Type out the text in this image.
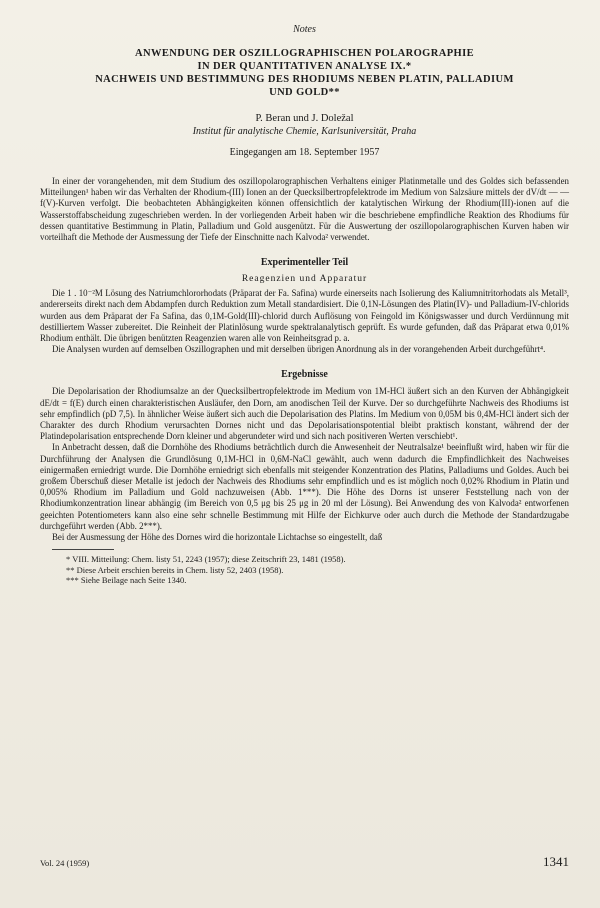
Notes
ANWENDUNG DER OSZILLOGRAPHISCHEN POLAROGRAPHIE
IN DER QUANTITATIVEN ANALYSE IX.*
NACHWEIS UND BESTIMMUNG DES RHODIUMS NEBEN PLATIN, PALLADIUM
UND GOLD**
P. Beran und J. Doležal
Institut für analytische Chemie, Karlsuniversität, Praha
Eingegangen am 18. September 1957

In einer der vorangehenden, mit dem Studium des oszillopolarographischen Verhaltens einiger Platinmetalle und des Goldes sich befassenden Mitteilungen¹ haben wir das Verhalten der Rhodium-(III) Ionen an der Quecksilbertropfelektrode im Medium von Salzsäure mittels der dV/dt — — f(V)-Kurven verfolgt. Die beobachteten Abhängigkeiten können offensichtlich der katalytischen Wirkung der Rhodium(III)-ionen auf die Wasserstoffabscheidung zugeschrieben werden. In der vorliegenden Arbeit haben wir die beschriebene empfindliche Reaktion des Rhodiums für dessen quantitative Bestimmung in Platin, Palladium und Gold ausgenützt. Für die Auswertung der oszillopolarographischen Kurven haben wir vorteilhaft die Methode der Ausmessung der Tiefe der Einschnitte nach Kalvoda² verwendet.

Experimenteller Teil
Reagenzien und Apparatur

Die 1 . 10⁻²M Lösung des Natriumchlororhodats (Präparat der Fa. Safina) wurde einerseits nach Isolierung des Kaliumnitritorhodats als Metall³, andererseits direkt nach dem Abdampfen durch Reduktion zum Metall standardisiert. Die 0,1N-Lösungen des Platin(IV)- und Palladium-IV-chlorids wurden aus dem Präparat der Fa Safina, das 0,1M-Gold(III)-chlorid durch Auflösung von Feingold im Königswasser und durch Verdünnung mit destilliertem Wasser zubereitet. Die Reinheit der Platinlösung wurde spektralanalytisch geprüft. Es wurde gefunden, daß das Präparat etwa 0,01% Rhodium enthält. Die übrigen benützten Reagenzien waren alle von Reinheitsgrad p. a.

Die Analysen wurden auf demselben Oszillographen und mit derselben übrigen Anordnung als in der vorangehenden Arbeit durchgeführt⁴.

Ergebnisse

Die Depolarisation der Rhodiumsalze an der Quecksilbertropfelektrode im Medium von 1M-HCl äußert sich an den Kurven der Abhängigkeit dE/dt = f(E) durch einen charakteristischen Ausläufer, den Dorn, am anodischen Teil der Kurve. Der so durchgeführte Nachweis des Rhodiums ist sehr empfindlich (pD 7,5). In ähnlicher Weise äußert sich auch die Depolarisation des Platins. Im Medium von 0,05M bis 0,4M-HCl ändert sich der Charakter des durch Rhodium verursachten Dornes nicht und das Depolarisationspotential bleibt praktisch konstant, während der der Platindepolarisation entsprechende Dorn kleiner und abgerundeter wird und sich nach positiveren Werten verschiebt¹.

In Anbetracht dessen, daß die Dornhöhe des Rhodiums beträchtlich durch die Anwesenheit der Neutralsalze¹ beeinflußt wird, haben wir für die Durchführung der Analysen die Grundlösung 0,1M-HCl in 0,6M-NaCl gewählt, auch wenn dadurch die Empfindlichkeit des Nachweises einigermaßen erniedrigt wurde. Die Dornhöhe erniedrigt sich ebenfalls mit steigender Konzentration des Platins, Palladiums und Goldes. Auch bei großem Überschuß dieser Metalle ist jedoch der Nachweis des Rhodiums sehr empfindlich und es ist möglich noch 0,02% Rhodium in Platin und 0,005% Rhodium im Palladium und Gold nachzuweisen (Abb. 1***). Die Höhe des Dorns ist unserer Feststellung nach von der Rhodiumkonzentration linear abhängig (im Bereich von 0,5 μg bis 25 μg in 20 ml der Lösung). Bei Anwendung des von Kalvoda² entworfenen geeichten Potentiometers kann also eine sehr schnelle Bestimmung mit Hilfe der Eichkurve oder auch durch die Methode der Standardzugabe durchgeführt werden (Abb. 2***).

Bei der Ausmessung der Höhe des Dornes wird die horizontale Lichtachse so eingestellt, daß

* VIII. Mitteilung: Chem. listy 51, 2243 (1957); diese Zeitschrift 23, 1481 (1958).

** Diese Arbeit erschien bereits in Chem. listy 52, 2403 (1958).

*** Siehe Beilage nach Seite 1340.

Vol. 24 (1959)	1341
